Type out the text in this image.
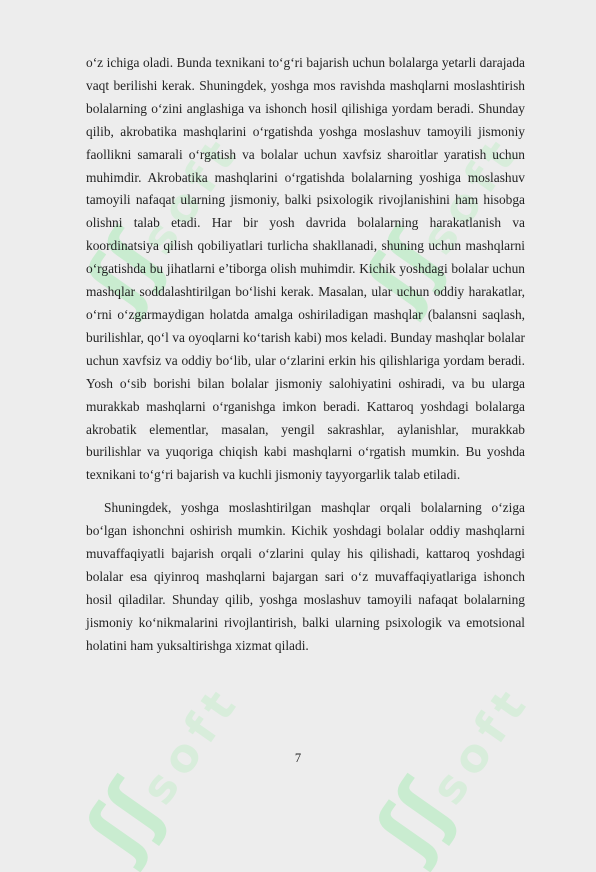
ʃʃsoft
ʃʃsoft
ʃʃsoft
ʃʃsoft

o‘z ichiga oladi. Bunda texnikani to‘g‘ri bajarish uchun bolalarga yetarli darajada vaqt berilishi kerak. Shuningdek, yoshga mos ravishda mashqlarni moslashtirish bolalarning o‘zini anglashiga va ishonch hosil qilishiga yordam beradi. Shunday qilib, akrobatika mashqlarini o‘rgatishda yoshga moslashuv tamoyili jismoniy faollikni samarali o‘rgatish va bolalar uchun xavfsiz sharoitlar yaratish uchun muhimdir. Akrobatika mashqlarini o‘rgatishda bolalarning yoshiga moslashuv tamoyili nafaqat ularning jismoniy, balki psixologik rivojlanishini ham hisobga olishni talab etadi. Har bir yosh davrida bolalarning harakatlanish va koordinatsiya qilish qobiliyatlari turlicha shakllanadi, shuning uchun mashqlarni o‘rgatishda bu jihatlarni e’tiborga olish muhimdir. Kichik yoshdagi bolalar uchun mashqlar soddalashtirilgan bo‘lishi kerak. Masalan, ular uchun oddiy harakatlar, o‘rni o‘zgarmaydigan holatda amalga oshiriladigan mashqlar (balansni saqlash, burilishlar, qo‘l va oyoqlarni ko‘tarish kabi) mos keladi. Bunday mashqlar bolalar uchun xavfsiz va oddiy bo‘lib, ular o‘zlarini erkin his qilishlariga yordam beradi. Yosh o‘sib borishi bilan bolalar jismoniy salohiyatini oshiradi, va bu ularga murakkab mashqlarni o‘rganishga imkon beradi. Kattaroq yoshdagi bolalarga akrobatik elementlar, masalan, yengil sakrashlar, aylanishlar, murakkab burilishlar va yuqoriga chiqish kabi mashqlarni o‘rgatish mumkin. Bu yoshda texnikani to‘g‘ri bajarish va kuchli jismoniy tayyorgarlik talab etiladi.

Shuningdek, yoshga moslashtirilgan mashqlar orqali bolalarning o‘ziga bo‘lgan ishonchni oshirish mumkin. Kichik yoshdagi bolalar oddiy mashqlarni muvaffaqiyatli bajarish orqali o‘zlarini qulay his qilishadi, kattaroq yoshdagi bolalar esa qiyinroq mashqlarni bajargan sari o‘z muvaffaqiyatlariga ishonch hosil qiladilar. Shunday qilib, yoshga moslashuv tamoyili nafaqat bolalarning jismoniy ko‘nikmalarini rivojlantirish, balki ularning psixologik va emotsional holatini ham yuksaltirishga xizmat qiladi.

7
